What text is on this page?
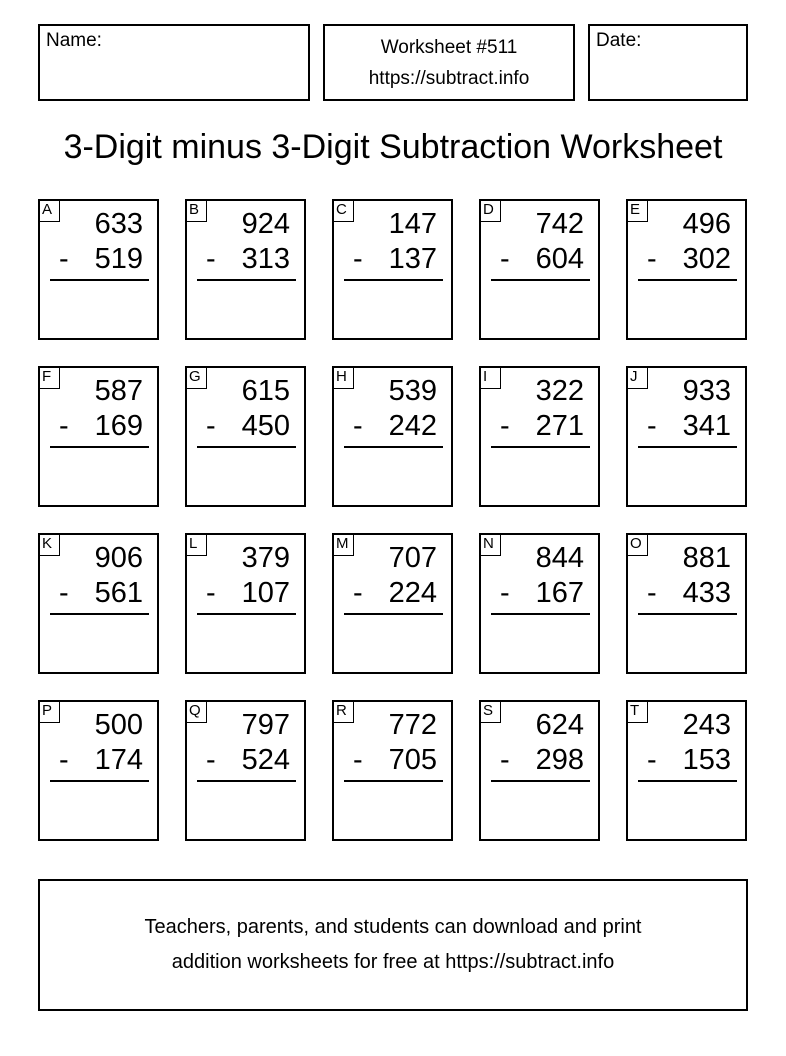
Name:	Worksheet #511
https://subtract.info
Date:
3-Digit minus 3-Digit Subtraction Worksheet
A 633
- 519
B 924
- 313
C 147
- 137
D 742
- 604
E 496
- 302
F	587
- 169
G 615
- 450
H 539
- 242
I	322
- 271
J	933
- 341
K 906
- 561
L	379
- 107
M 707
- 224
N 844
- 167
O 881
- 433
P 500
- 174
Q 797
- 524
R 772
- 705
S 624
- 298
T	243
- 153
Teachers, parents, and students can download and print
addition worksheets for free at https://subtract.info
